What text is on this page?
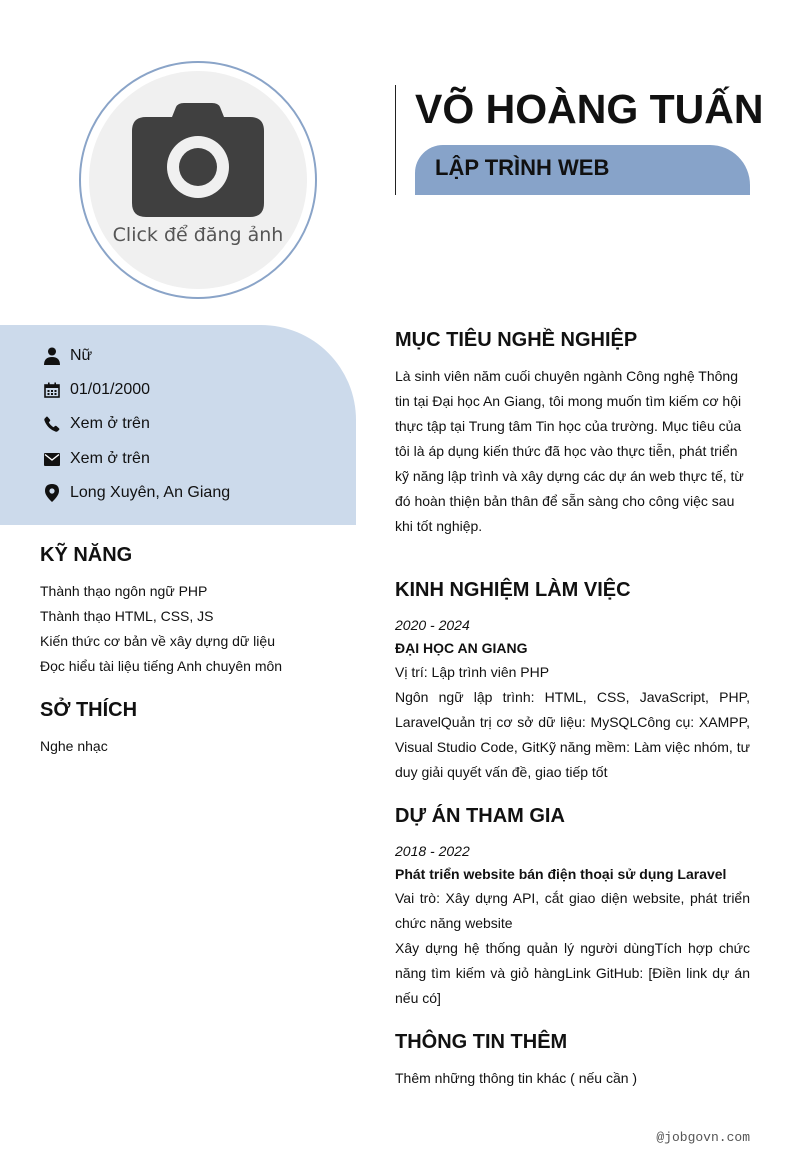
Click để đăng ảnh
VÕ HOÀNG TUẤN
LẬP TRÌNH WEB
Nữ
01/01/2000
Xem ở trên
Xem ở trên
Long Xuyên, An Giang
KỸ NĂNG
Thành thạo ngôn ngữ PHP
Thành thạo HTML, CSS, JS
Kiến thức cơ bản về xây dựng dữ liệu
Đọc hiểu tài liệu tiếng Anh chuyên môn
SỞ THÍCH
Nghe nhạc
MỤC TIÊU NGHỀ NGHIỆP
Là sinh viên năm cuối chuyên ngành Công nghệ Thông tin tại Đại học An Giang, tôi mong muốn tìm kiếm cơ hội thực tập tại Trung tâm Tin học của trường. Mục tiêu của tôi là áp dụng kiến thức đã học vào thực tiễn, phát triển kỹ năng lập trình và xây dựng các dự án web thực tế, từ đó hoàn thiện bản thân để sẵn sàng cho công việc sau khi tốt nghiệp.
KINH NGHIỆM LÀM VIỆC
2020 - 2024
ĐẠI HỌC AN GIANG
Vị trí: Lập trình viên PHP
Ngôn ngữ lập trình: HTML, CSS, JavaScript, PHP, LaravelQuản trị cơ sở dữ liệu: MySQLCông cụ: XAMPP, Visual Studio Code, GitKỹ năng mềm: Làm việc nhóm, tư duy giải quyết vấn đề, giao tiếp tốt
DỰ ÁN THAM GIA
2018 - 2022
Phát triển website bán điện thoại sử dụng Laravel
Vai trò: Xây dựng API, cắt giao diện website, phát triển chức năng website
Xây dựng hệ thống quản lý người dùngTích hợp chức năng tìm kiếm và giỏ hàngLink GitHub: [Điền link dự án nếu có]
THÔNG TIN THÊM
Thêm những thông tin khác ( nếu cần )
@jobgovn.com
